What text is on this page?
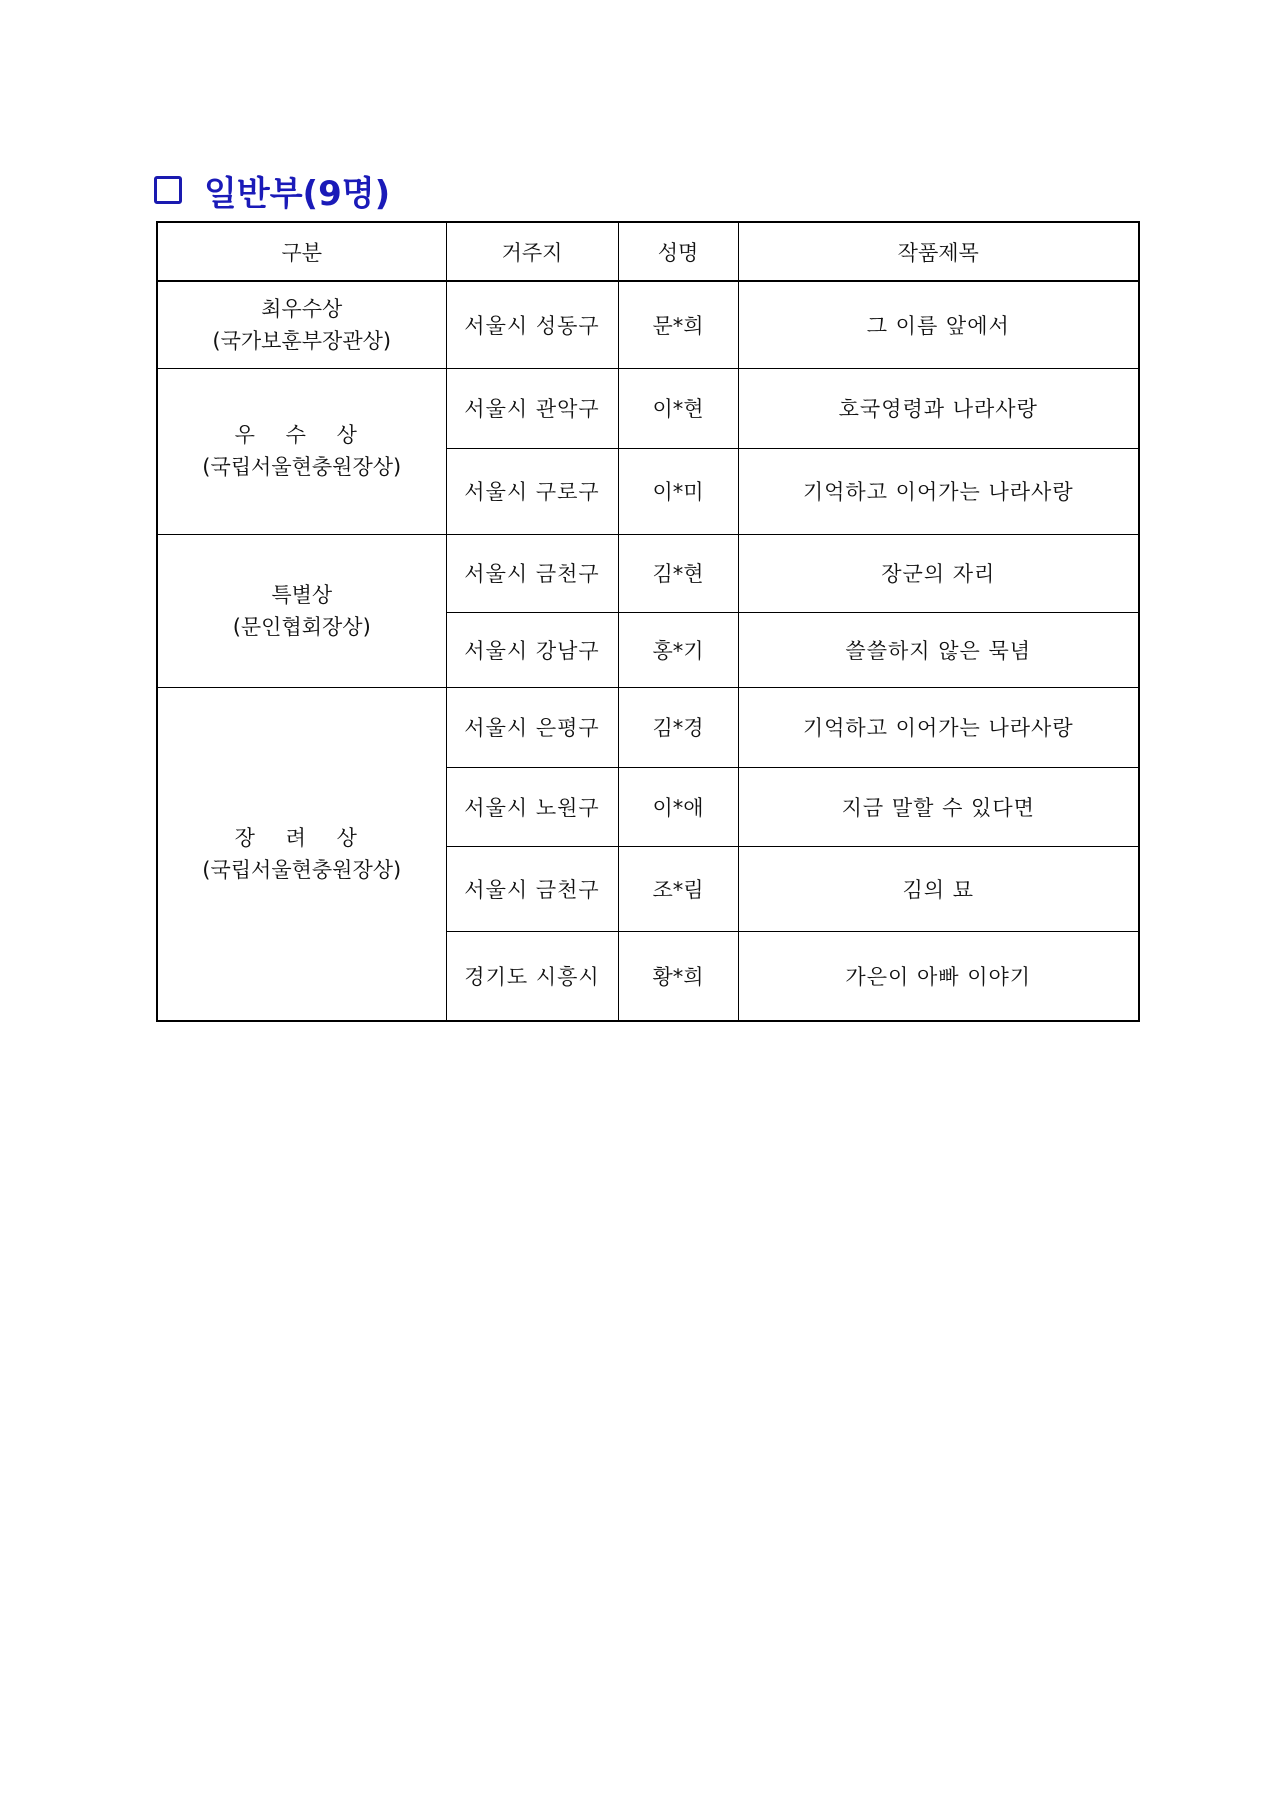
일반부(9명)
구분	거주지	성명	작품제목

최우수상
(국가보훈부장관상)	서울시 성동구	문*희	그 이름 앞에서

우 수 상
(국립서울현충원장상)	서울시 관악구	이*현	호국영령과 나라사랑
	서울시 구로구	이*미	기억하고 이어가는 나라사랑

특별상
(문인협회장상)	서울시 금천구	김*현	장군의 자리
	서울시 강남구	홍*기	쓸쓸하지 않은 묵념

장 려 상
(국립서울현충원장상)	서울시 은평구	김*경	기억하고 이어가는 나라사랑
	서울시 노원구	이*애	지금 말할 수 있다면
	서울시 금천구	조*림	김의 묘
	경기도 시흥시	황*희	가은이 아빠 이야기
